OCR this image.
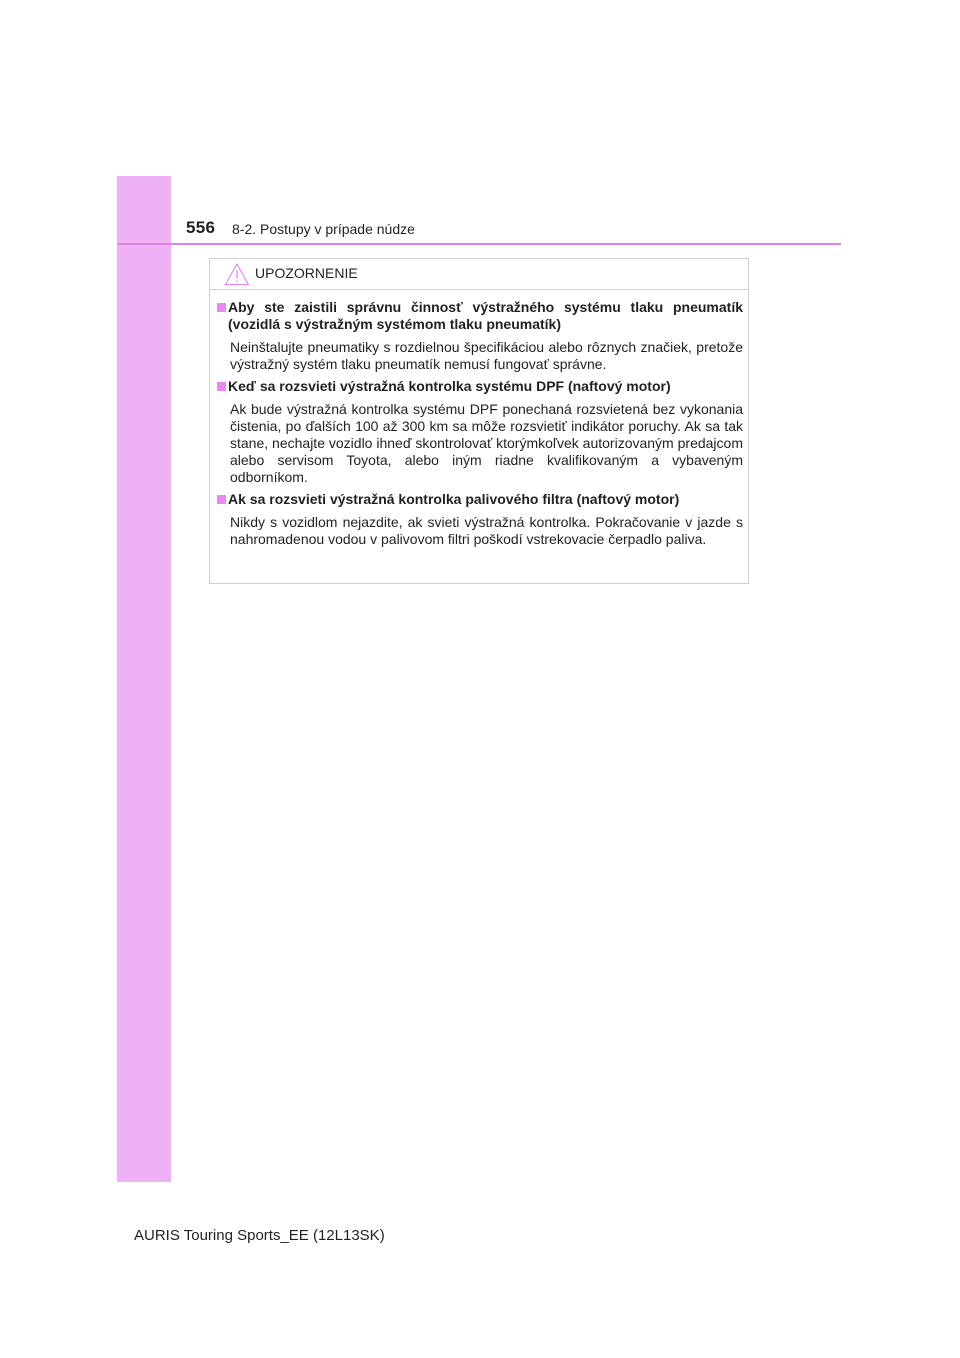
556 8-2. Postupy v prípade núdze
UPOZORNENIE
Aby ste zaistili správnu činnosť výstražného systému tlaku pneumatík (vozidlá s výstražným systémom tlaku pneumatík)
Neinštalujte pneumatiky s rozdielnou špecifikáciou alebo rôznych značiek, pretože výstražný systém tlaku pneumatík nemusí fungovať správne.
Keď sa rozsvieti výstražná kontrolka systému DPF (naftový motor)
Ak bude výstražná kontrolka systému DPF ponechaná rozsvietená bez vykonania čistenia, po ďalších 100 až 300 km sa môže rozsvietiť indikátor poruchy. Ak sa tak stane, nechajte vozidlo ihneď skontrolovať ktorýmkoľvek autorizovaným predajcom alebo servisom Toyota, alebo iným riadne kvalifikovaným a vybaveným odborníkom.
Ak sa rozsvieti výstražná kontrolka palivového filtra (naftový motor)
Nikdy s vozidlom nejazdite, ak svieti výstražná kontrolka. Pokračovanie v jazde s nahromadenou vodou v palivovom filtri poškodí vstrekovacie čerpadlo paliva.
AURIS Touring Sports_EE (12L13SK)
